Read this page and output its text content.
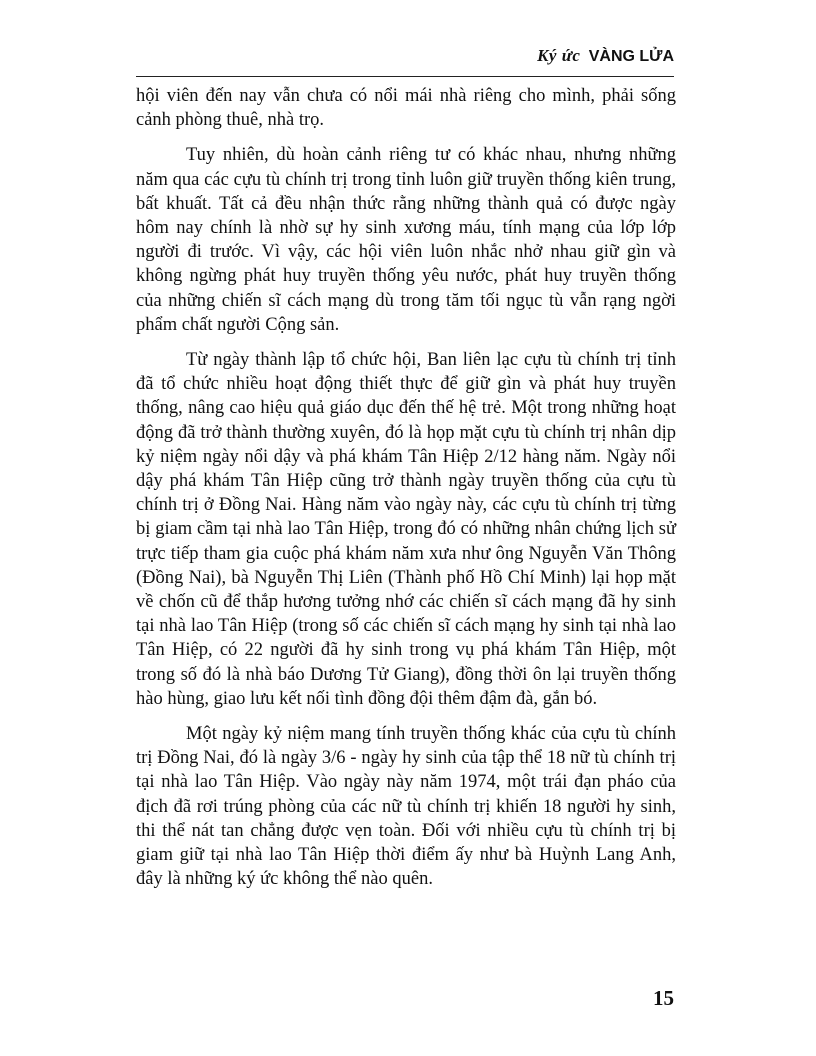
Ký ức VÀNG LỬA

hội viên đến nay vẫn chưa có nổi mái nhà riêng cho mình, phải sống cảnh phòng thuê, nhà trọ.

Tuy nhiên, dù hoàn cảnh riêng tư có khác nhau, nhưng những năm qua các cựu tù chính trị trong tỉnh luôn giữ truyền thống kiên trung, bất khuất. Tất cả đều nhận thức rằng những thành quả có được ngày hôm nay chính là nhờ sự hy sinh xương máu, tính mạng của lớp lớp người đi trước. Vì vậy, các hội viên luôn nhắc nhở nhau giữ gìn và không ngừng phát huy truyền thống yêu nước, phát huy truyền thống của những chiến sĩ cách mạng dù trong tăm tối ngục tù vẫn rạng ngời phẩm chất người Cộng sản.

Từ ngày thành lập tổ chức hội, Ban liên lạc cựu tù chính trị tỉnh đã tổ chức nhiều hoạt động thiết thực để giữ gìn và phát huy truyền thống, nâng cao hiệu quả giáo dục đến thế hệ trẻ. Một trong những hoạt động đã trở thành thường xuyên, đó là họp mặt cựu tù chính trị nhân dịp kỷ niệm ngày nổi dậy và phá khám Tân Hiệp 2/12 hàng năm. Ngày nổi dậy phá khám Tân Hiệp cũng trở thành ngày truyền thống của cựu tù chính trị ở Đồng Nai. Hàng năm vào ngày này, các cựu tù chính trị từng bị giam cầm tại nhà lao Tân Hiệp, trong đó có những nhân chứng lịch sử trực tiếp tham gia cuộc phá khám năm xưa như ông Nguyễn Văn Thông (Đồng Nai), bà Nguyễn Thị Liên (Thành phố Hồ Chí Minh) lại họp mặt về chốn cũ để thắp hương tưởng nhớ các chiến sĩ cách mạng đã hy sinh tại nhà lao Tân Hiệp (trong số các chiến sĩ cách mạng hy sinh tại nhà lao Tân Hiệp, có 22 người đã hy sinh trong vụ phá khám Tân Hiệp, một trong số đó là nhà báo Dương Tử Giang), đồng thời ôn lại truyền thống hào hùng, giao lưu kết nối tình đồng đội thêm đậm đà, gắn bó.

Một ngày kỷ niệm mang tính truyền thống khác của cựu tù chính trị Đồng Nai, đó là ngày 3/6 - ngày hy sinh của tập thể 18 nữ tù chính trị tại nhà lao Tân Hiệp. Vào ngày này năm 1974, một trái đạn pháo của địch đã rơi trúng phòng của các nữ tù chính trị khiến 18 người hy sinh, thi thể nát tan chẳng được vẹn toàn. Đối với nhiều cựu tù chính trị bị giam giữ tại nhà lao Tân Hiệp thời điểm ấy như bà Huỳnh Lang Anh, đây là những ký ức không thể nào quên.

15
